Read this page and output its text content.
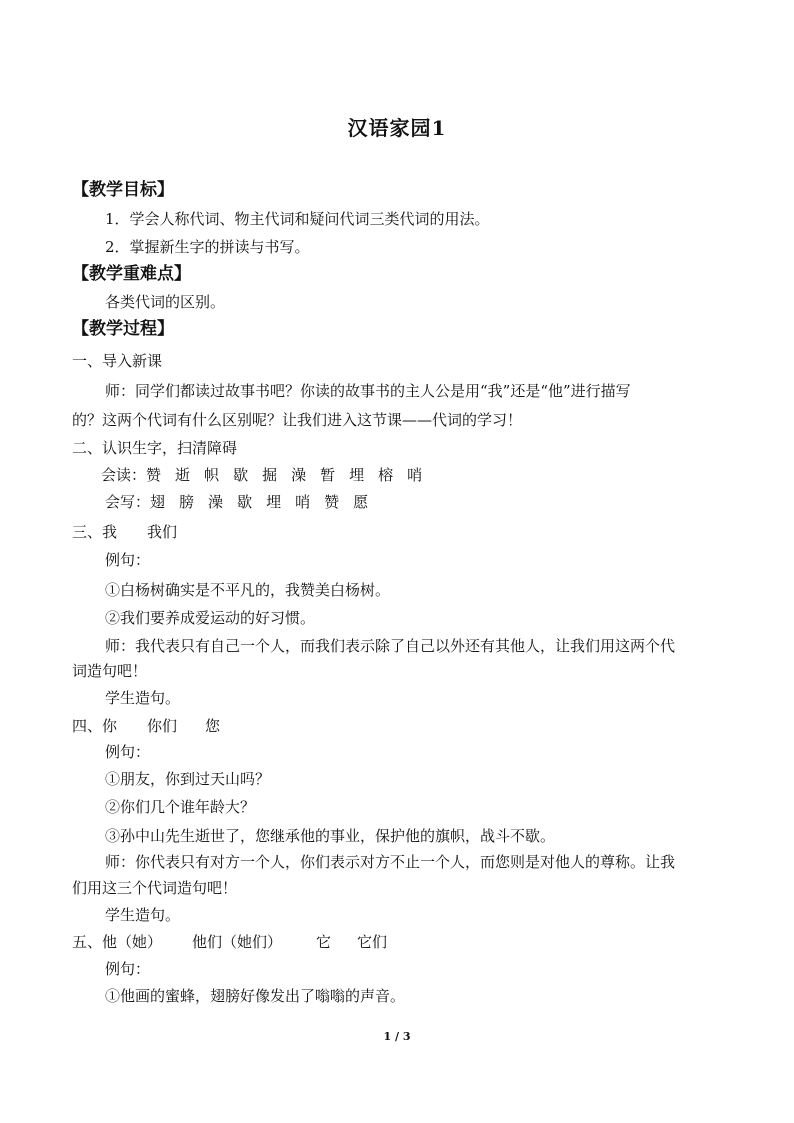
汉语家园1
【教学目标】
1．学会人称代词、物主代词和疑问代词三类代词的用法。
2．掌握新生字的拼读与书写。
【教学重难点】
各类代词的区别。
【教学过程】
一、导入新课
师：同学们都读过故事书吧？你读的故事书的主人公是用“我”还是“他”进行描写
的？这两个代词有什么区别呢？让我们进入这节课——代词的学习！
二、认识生字，扫清障碍
会读：赞 逝 帜 歇 掘 澡 暂 埋 榕 哨
会写：翅 膀 澡 歇 埋 哨 赞 愿
三、我 我们
例句：
①白杨树确实是不平凡的，我赞美白杨树。
②我们要养成爱运动的好习惯。
师：我代表只有自己一个人，而我们表示除了自己以外还有其他人，让我们用这两个代
词造句吧！
学生造句。
四、你 你们 您
例句：
①朋友，你到过天山吗？
②你们几个谁年龄大？
③孙中山先生逝世了，您继承他的事业，保护他的旗帜，战斗不歇。
师：你代表只有对方一个人，你们表示对方不止一个人，而您则是对他人的尊称。让我
们用这三个代词造句吧！
学生造句。
五、他（她） 他们（她们） 它 它们
例句：
①他画的蜜蜂，翅膀好像发出了嗡嗡的声音。
1 / 3
